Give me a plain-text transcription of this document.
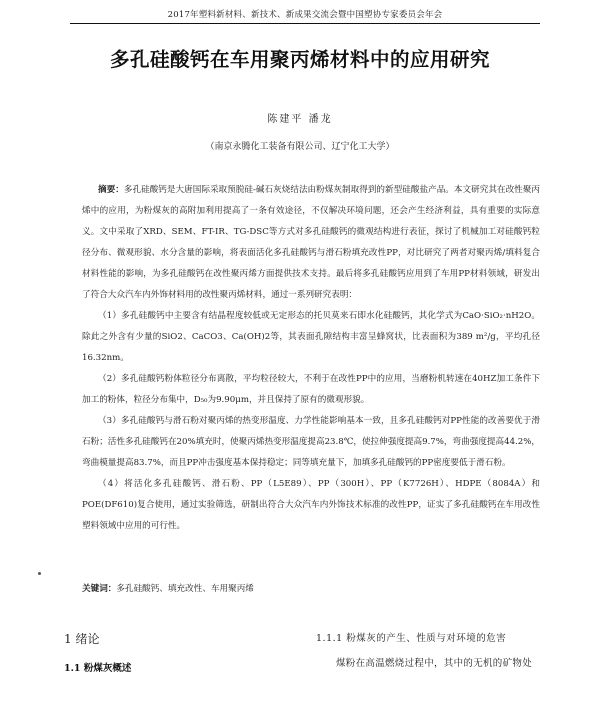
2017年塑料新材料、新技术、新成果交流会暨中国塑协专家委员会年会
多孔硅酸钙在车用聚丙烯材料中的应用研究
陈建平 潘龙
（南京永腾化工装备有限公司、辽宁化工大学）

摘要：多孔硅酸钙是大唐国际采取预脱硅-碱石灰烧结法由粉煤灰制取得到的新型硅酸盐产品。本文研究其在改性聚丙烯中的应用，为粉煤灰的高附加利用提高了一条有效途径，不仅解决环境问题，还会产生经济利益，具有重要的实际意义。文中采取了XRD、SEM、FT-IR、TG-DSC等方式对多孔硅酸钙的微观结构进行表征，探讨了机械加工对硅酸钙粒径分布、微观形貌、水分含量的影响，将表面活化多孔硅酸钙与滑石粉填充改性PP，对比研究了两者对聚丙烯/填料复合材料性能的影响，为多孔硅酸钙在改性聚丙烯方面提供技术支持。最后将多孔硅酸钙应用到了车用PP材料领域，研发出了符合大众汽车内外饰材料用的改性聚丙烯材料，通过一系列研究表明：

（1）多孔硅酸钙中主要含有结晶程度较低或无定形态的托贝莫来石即水化硅酸钙，其化学式为CaO·SiO₂·nH2O。除此之外含有少量的SiO2、CaCO3、Ca(OH)2等，其表面孔隙结构丰富呈蜂窝状，比表面积为389 m²/g，平均孔径16.32nm。

（2）多孔硅酸钙粉体粒径分布离散，平均粒径较大，不利于在改性PP中的应用，当磨粉机转速在40HZ加工条件下加工的粉体，粒径分布集中，D₅₀为9.90μm，并且保持了原有的微观形貌。

（3）多孔硅酸钙与滑石粉对聚丙烯的热变形温度、力学性能影响基本一致，且多孔硅酸钙对PP性能的改善要优于滑石粉；活性多孔硅酸钙在20%填充时，使聚丙烯热变形温度提高23.8℃，使拉伸强度提高9.7%，弯曲强度提高44.2%，弯曲模量提高83.7%，而且PP冲击强度基本保持稳定；同等填充量下，加填多孔硅酸钙的PP密度要低于滑石粉。

（4）将活化多孔硅酸钙、滑石粉、PP（L5E89）、PP（300H）、PP（K7726H）、HDPE（8084A）和POE(DF610)复合使用，通过实验筛选，研制出符合大众汽车内外饰技术标准的改性PP，证实了多孔硅酸钙在车用改性塑料领域中应用的可行性。

关键词：多孔硅酸钙、填充改性、车用聚丙烯
1 绪论
1.1 粉煤灰概述
1.1.1 粉煤灰的产生、性质与对环境的危害
煤粉在高温燃烧过程中，其中的无机的矿物处
